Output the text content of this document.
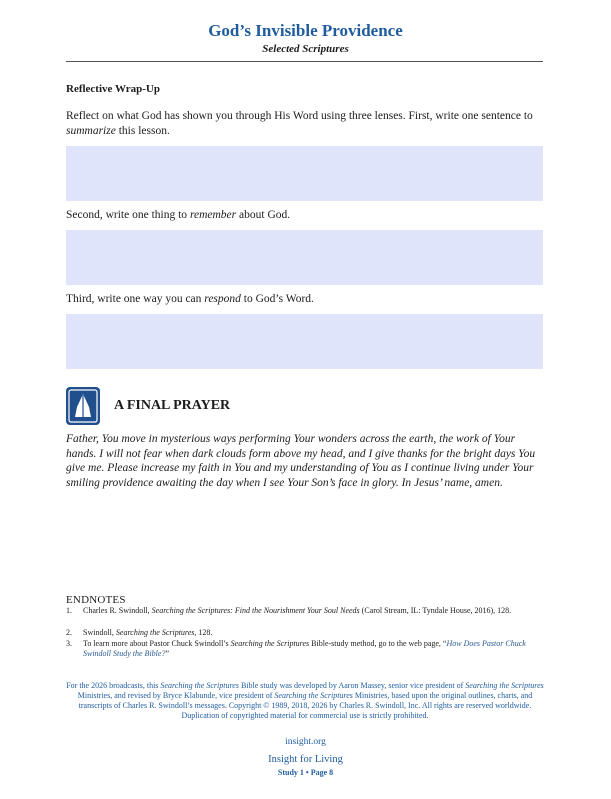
God’s Invisible Providence
Selected Scriptures
Reflective Wrap-Up
Reflect on what God has shown you through His Word using three lenses. First, write one sentence to summarize this lesson.
Second, write one thing to remember about God.
Third, write one way you can respond to God’s Word.
A FINAL PRAYER
Father, You move in mysterious ways performing Your wonders across the earth, the work of Your hands. I will not fear when dark clouds form above my head, and I give thanks for the bright days You give me. Please increase my faith in You and my understanding of You as I continue living under Your smiling providence awaiting the day when I see Your Son’s face in glory. In Jesus’ name, amen.
ENDNOTES
1.	Charles R. Swindoll, Searching the Scriptures: Find the Nourishment Your Soul Needs (Carol Stream, IL: Tyndale House, 2016), 128.
2.	Swindoll, Searching the Scriptures, 128.
3.	To learn more about Pastor Chuck Swindoll’s Searching the Scriptures Bible-study method, go to the web page, “How Does Pastor Chuck Swindoll Study the Bible?”
For the 2026 broadcasts, this Searching the Scriptures Bible study was developed by Aaron Massey, senior vice president of Searching the Scriptures Ministries, and revised by Bryce Klabunde, vice president of Searching the Scriptures Ministries, based upon the original outlines, charts, and transcripts of Charles R. Swindoll’s messages. Copyright © 1989, 2018, 2026 by Charles R. Swindoll, Inc. All rights are reserved worldwide. Duplication of copyrighted material for commercial use is strictly prohibited.
insight.org
Insight for Living
Study 1 • Page 8
